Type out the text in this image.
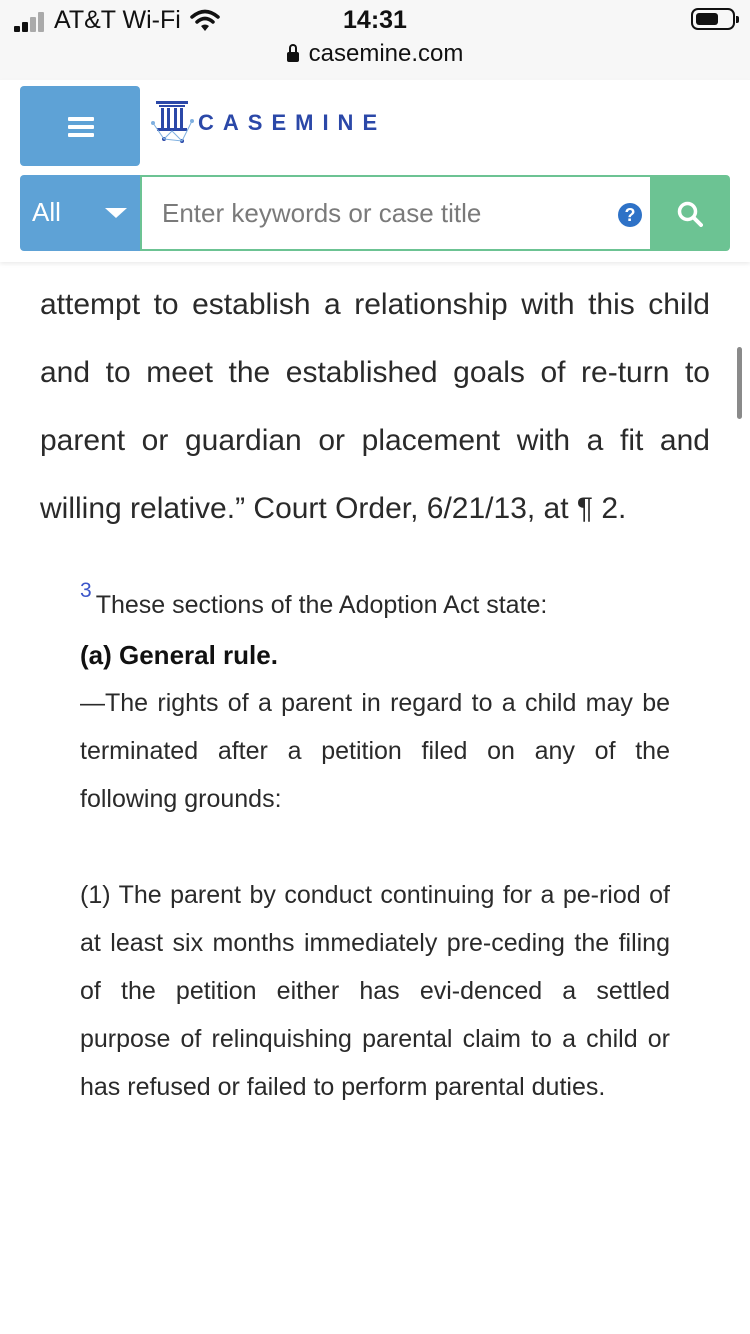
AT&T Wi-Fi	14:31
casemine.com
CASEMINE
All
Enter keywords or case title	?

attempt to establish a relationship with this child and to meet the established goals of re-turn to parent or guardian or placement with a fit and willing relative.” Court Order, 6/21/13, at ¶ 2.

$^3$These sections of the Adoption Act state:

(a) General rule.

—The rights of a parent in regard to a child may be terminated after a petition filed on any of the following grounds:

(1) The parent by conduct continuing for a pe-riod of at least six months immediately pre-ceding the filing of the petition either has evi-denced a settled purpose of relinquishing parental claim to a child or has refused or failed to perform parental duties.
